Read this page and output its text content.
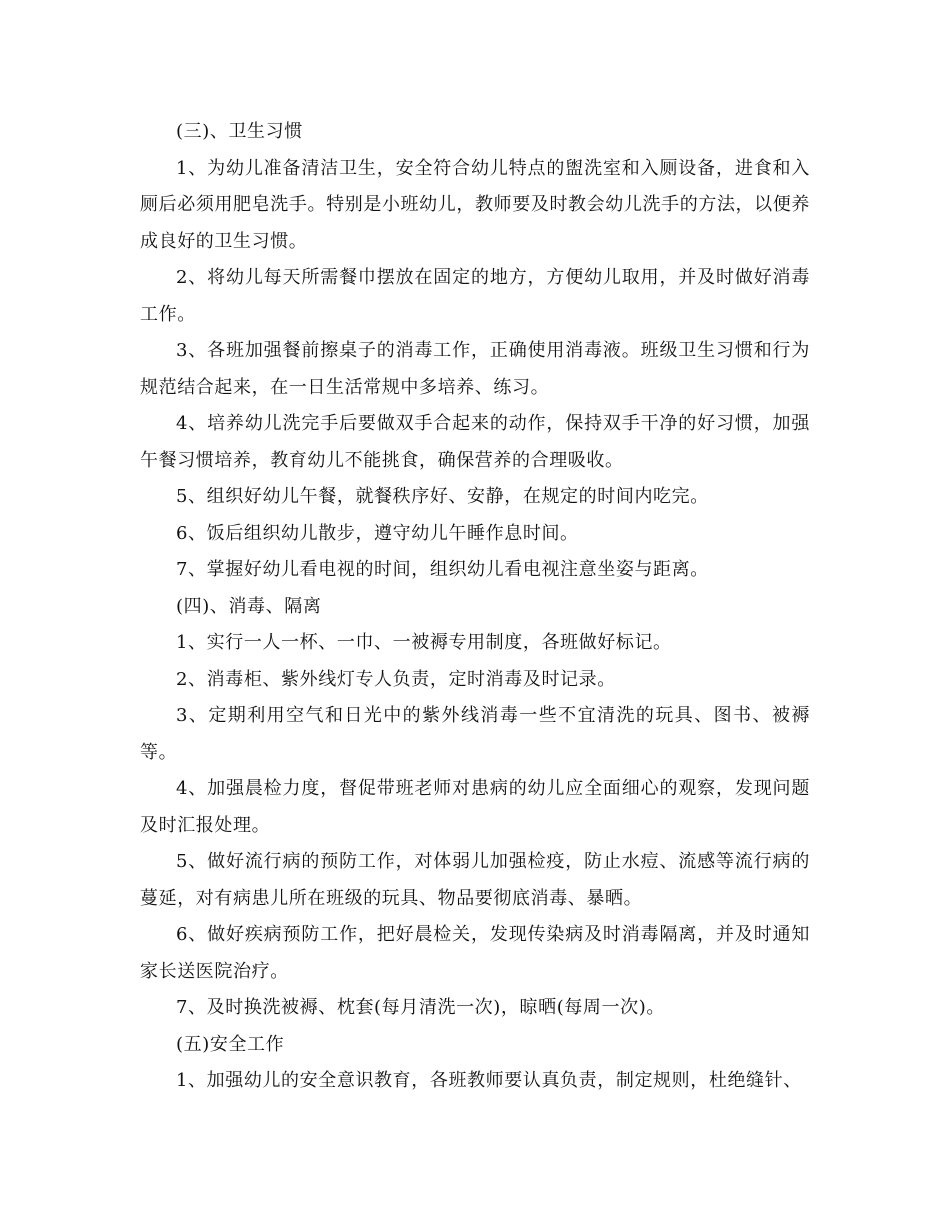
(三)、卫生习惯

1、为幼儿准备清洁卫生，安全符合幼儿特点的盥洗室和入厕设备，进食和入厕后必须用肥皂洗手。特别是小班幼儿，教师要及时教会幼儿洗手的方法，以便养成良好的卫生习惯。

2、将幼儿每天所需餐巾摆放在固定的地方，方便幼儿取用，并及时做好消毒工作。

3、各班加强餐前擦桌子的消毒工作，正确使用消毒液。班级卫生习惯和行为规范结合起来，在一日生活常规中多培养、练习。

4、培养幼儿洗完手后要做双手合起来的动作，保持双手干净的好习惯，加强午餐习惯培养，教育幼儿不能挑食，确保营养的合理吸收。

5、组织好幼儿午餐，就餐秩序好、安静，在规定的时间内吃完。

6、饭后组织幼儿散步，遵守幼儿午睡作息时间。

7、掌握好幼儿看电视的时间，组织幼儿看电视注意坐姿与距离。

(四)、消毒、隔离

1、实行一人一杯、一巾、一被褥专用制度，各班做好标记。

2、消毒柜、紫外线灯专人负责，定时消毒及时记录。

3、定期利用空气和日光中的紫外线消毒一些不宜清洗的玩具、图书、被褥等。

4、加强晨检力度，督促带班老师对患病的幼儿应全面细心的观察，发现问题及时汇报处理。

5、做好流行病的预防工作，对体弱儿加强检疫，防止水痘、流感等流行病的蔓延，对有病患儿所在班级的玩具、物品要彻底消毒、暴晒。

6、做好疾病预防工作，把好晨检关，发现传染病及时消毒隔离，并及时通知家长送医院治疗。

7、及时换洗被褥、枕套(每月清洗一次)，晾晒(每周一次)。

(五)安全工作

1、加强幼儿的安全意识教育，各班教师要认真负责，制定规则，杜绝缝针、
